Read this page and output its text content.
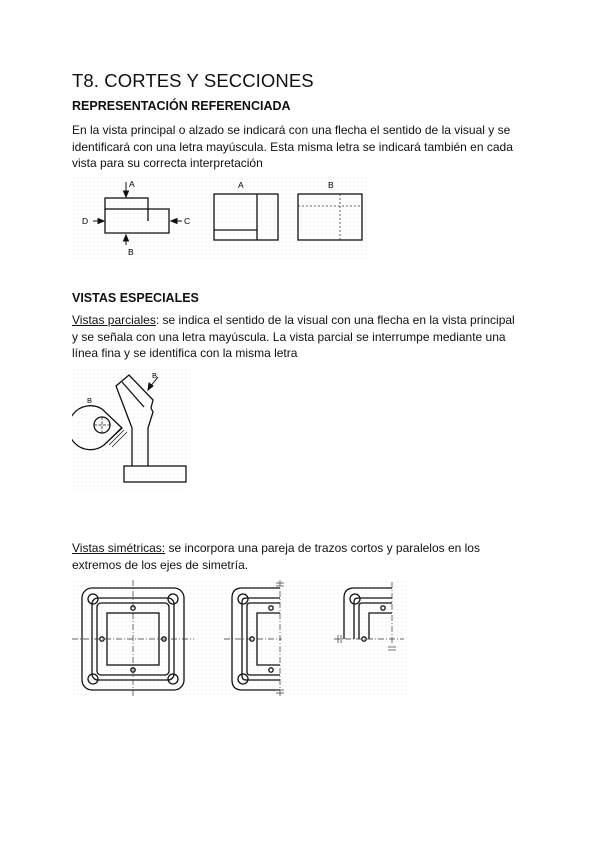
T8. CORTES Y SECCIONES
REPRESENTACIÓN REFERENCIADA
En la vista principal o alzado se indicará con una flecha el sentido de la visual y se
identificará con una letra mayúscula. Esta misma letra se indicará también en cada
vista para su correcta interpretación
A
D	C
B
A	B
VISTAS ESPECIALES
Vistas parciales: se indica el sentido de la visual con una flecha en la vista principal
y se señala con una letra mayúscula. La vista parcial se interrumpe mediante una
línea fina y se identifica con la misma letra
B
B
Vistas simétricas: se incorpora una pareja de trazos cortos y paralelos en los
extremos de los ejes de simetría.
